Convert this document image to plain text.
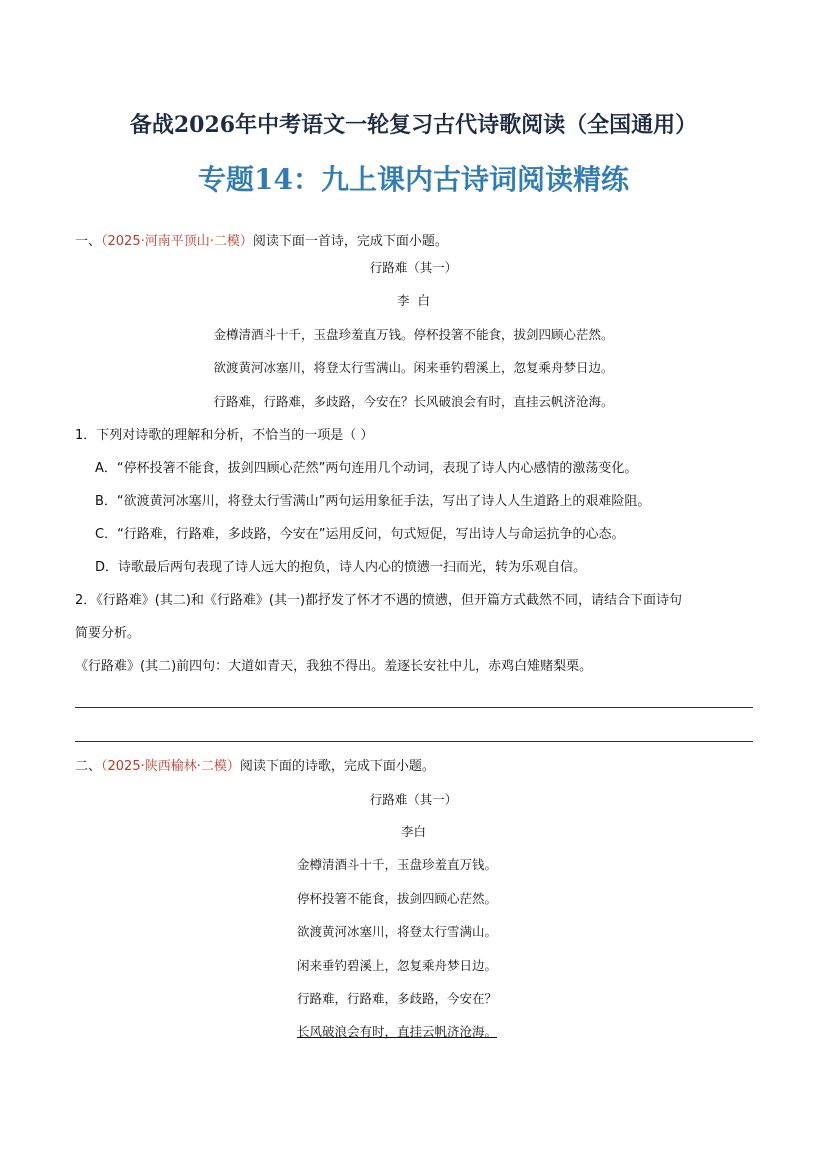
备战2026年中考语文一轮复习古代诗歌阅读（全国通用）
专题14：九上课内古诗词阅读精练
一、（2025·河南平顶山·二模）阅读下面一首诗，完成下面小题。
行路难（其一）
李  白
金樽清酒斗十千，玉盘珍羞直万钱。停杯投箸不能食，拔剑四顾心茫然。
欲渡黄河冰塞川，将登太行雪满山。闲来垂钓碧溪上，忽复乘舟梦日边。
行路难，行路难，多歧路，今安在？长风破浪会有时，直挂云帆济沧海。
1．下列对诗歌的理解和分析，不恰当的一项是（ ）
A．“停杯投箸不能食，拔剑四顾心茫然”两句连用几个动词，表现了诗人内心感情的激荡变化。
B．“欲渡黄河冰塞川，将登太行雪满山”两句运用象征手法，写出了诗人人生道路上的艰难险阻。
C．“行路难，行路难，多歧路，今安在”运用反问，句式短促，写出诗人与命运抗争的心态。
D．诗歌最后两句表现了诗人远大的抱负，诗人内心的愤懑一扫而光，转为乐观自信。
2．《行路难》(其二)和《行路难》(其一)都抒发了怀才不遇的愤懑，但开篇方式截然不同，请结合下面诗句
简要分析。
《行路难》(其二)前四句：大道如青天，我独不得出。羞逐长安社中儿，赤鸡白雉赌梨栗。
二、（2025·陕西榆林·二模）阅读下面的诗歌，完成下面小题。
行路难（其一）
李白
金樽清酒斗十千，玉盘珍羞直万钱。
停杯投箸不能食，拔剑四顾心茫然。
欲渡黄河冰塞川，将登太行雪满山。
闲来垂钓碧溪上，忽复乘舟梦日边。
行路难，行路难，多歧路，今安在？
长风破浪会有时，直挂云帆济沧海。
